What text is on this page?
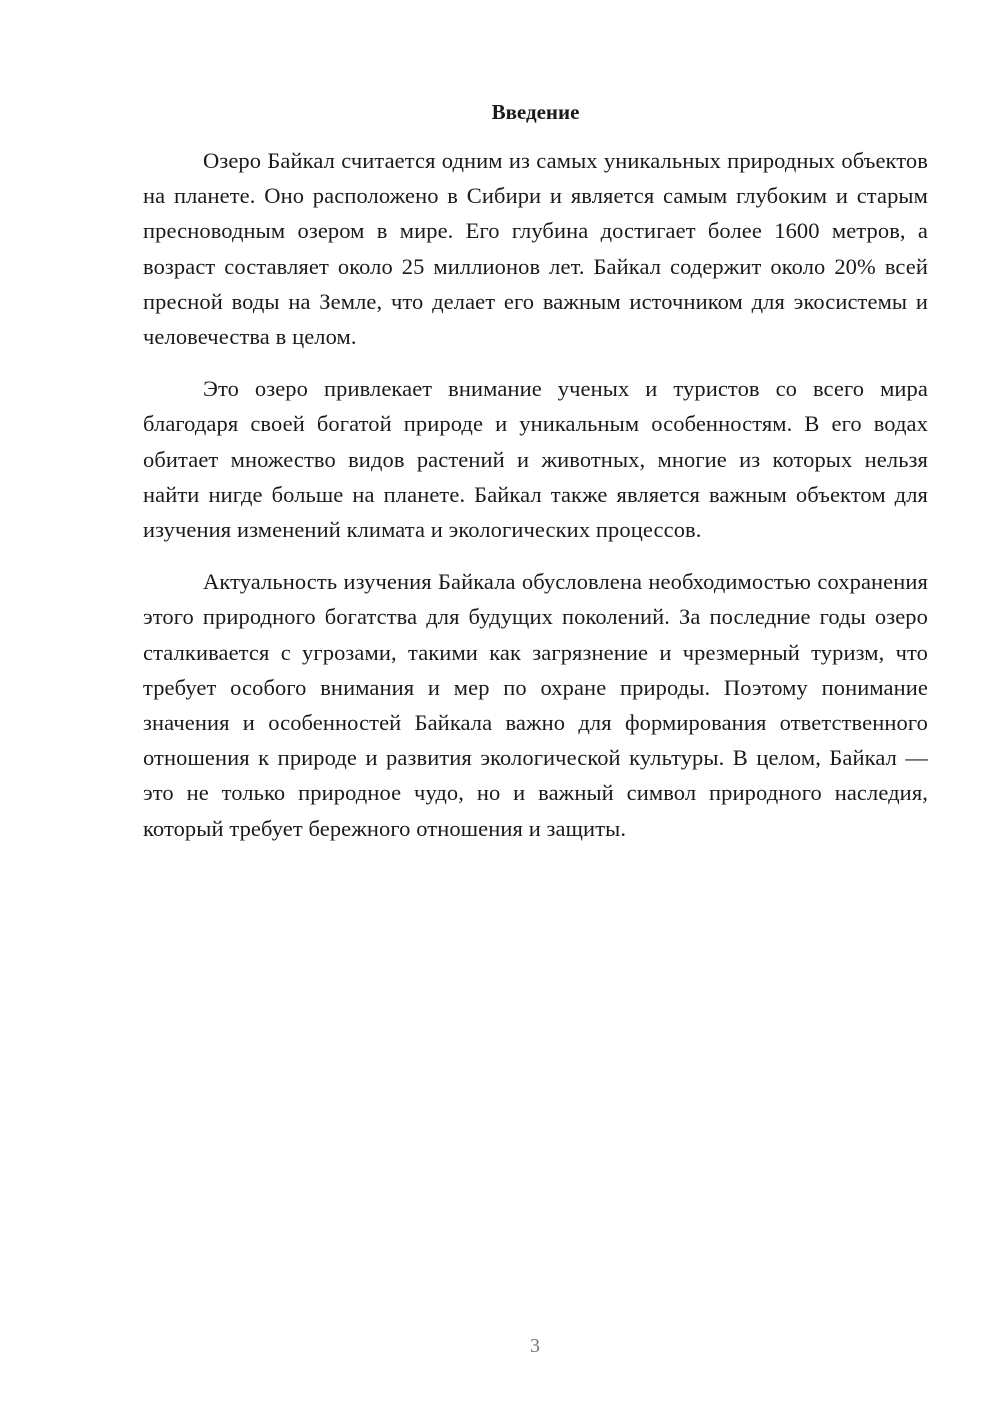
Введение

Озеро Байкал считается одним из самых уникальных природных объектов на планете. Оно расположено в Сибири и является самым глубоким и старым пресноводным озером в мире. Его глубина достигает более 1600 метров, а возраст составляет около 25 миллионов лет. Байкал содержит около 20% всей пресной воды на Земле, что делает его важным источником для экосистемы и человечества в целом.

Это озеро привлекает внимание ученых и туристов со всего мира благодаря своей богатой природе и уникальным особенностям. В его водах обитает множество видов растений и животных, многие из которых нельзя найти нигде больше на планете. Байкал также является важным объектом для изучения изменений климата и экологических процессов.

Актуальность изучения Байкала обусловлена необходимостью сохранения этого природного богатства для будущих поколений. За последние годы озеро сталкивается с угрозами, такими как загрязнение и чрезмерный туризм, что требует особого внимания и мер по охране природы. Поэтому понимание значения и особенностей Байкала важно для формирования ответственного отношения к природе и развития экологической культуры. В целом, Байкал — это не только природное чудо, но и важный символ природного наследия, который требует бережного отношения и защиты.

3
